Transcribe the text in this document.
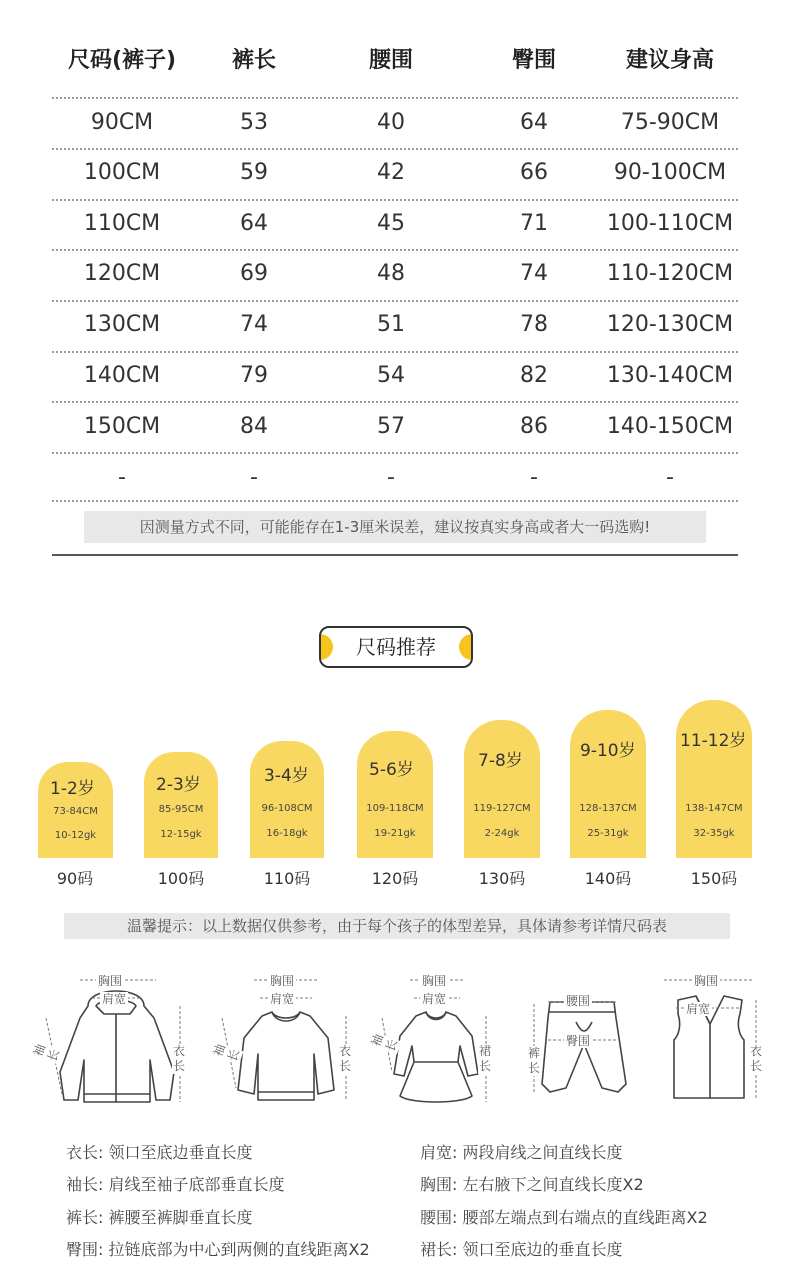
尺码(裤子)	裤长	腰围	臀围	建议身高
90CM	53	40	64	75-90CM
100CM	59	42	66	90-100CM
110CM	64	45	71	100-110CM
120CM	69	48	74	110-120CM
130CM	74	51	78	120-130CM
140CM	79	54	82	130-140CM
150CM	84	57	86	140-150CM
-	-	-	-	-
因测量方式不同，可能能存在1-3厘米误差，建议按真实身高或者大一码选购!
尺码推荐
1-2岁
73-84CM
10-12gk
90码
2-3岁
85-95CM
12-15gk
100码
3-4岁
96-108CM
16-18gk
110码
5-6岁
109-118CM
19-21gk
120码
7-8岁
119-127CM
2-24gk
130码
9-10岁
128-137CM
25-31gk
140码
11-12岁
138-147CM
32-35gk
150码
温馨提示：以上数据仅供参考，由于每个孩子的体型差异，具体请参考详情尺码表
胸围
肩宽
袖长	衣长
胸围
肩宽
袖长	衣长
胸围
肩宽
袖长	裙长
腰围
臀围
裤长
胸围
肩宽
衣长
衣长: 领口至底边垂直长度	肩宽: 两段肩线之间直线长度
袖长: 肩线至袖子底部垂直长度	胸围: 左右腋下之间直线长度X2
裤长: 裤腰至裤脚垂直长度	腰围: 腰部左端点到右端点的直线距离X2
臀围: 拉链底部为中心到两侧的直线距离X2	裙长: 领口至底边的垂直长度
